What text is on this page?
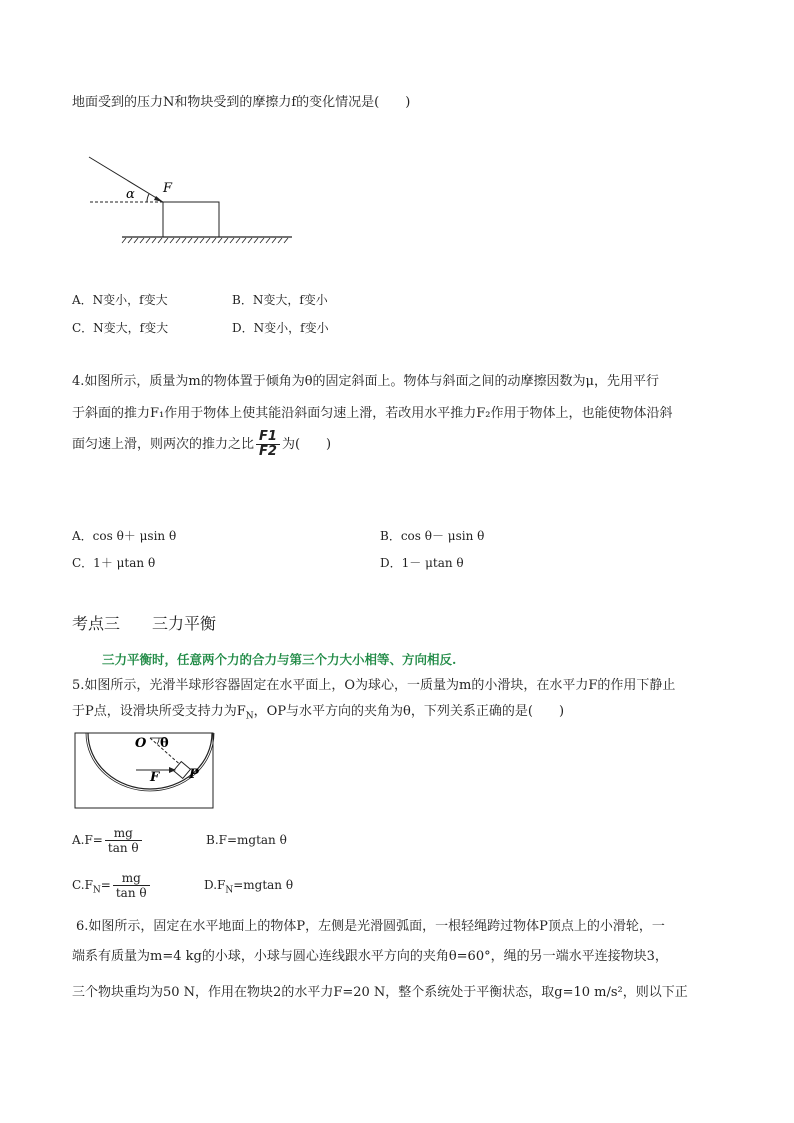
地面受到的压力N和物块受到的摩擦力f的变化情况是(　　)
α F
A．N变小，f变大	B．N变大，f变小
C．N变大，f变大	D．N变小，f变小
4.如图所示，质量为m的物体置于倾角为θ的固定斜面上。物体与斜面之间的动摩擦因数为μ，先用平行
于斜面的推力F₁作用于物体上使其能沿斜面匀速上滑，若改用水平推力F₂作用于物体上，也能使物体沿斜
面匀速上滑，则两次的推力之比 $\frac{F1}{F2}$ 为(　　)
A．cos θ＋ μsin θ	B．cos θ－ μsin θ
C．1＋ μtan θ	D．1－ μtan θ
考点三　　三力平衡
三力平衡时，任意两个力的合力与第三个力大小相等、方向相反.
5.如图所示，光滑半球形容器固定在水平面上，O为球心，一质量为m的小滑块，在水平力F的作用下静止
于P点，设滑块所受支持力为$F_N$，OP与水平方向的夹角为θ，下列关系正确的是(　　)
O θ
F P
$A.F= \frac{mg}{\text{tan θ}}$	B.F=mgtan θ
$C.F_N= \frac{mg}{\text{tan θ}}$	$D.F_N=mgtan$ θ
6.如图所示，固定在水平地面上的物体P，左侧是光滑圆弧面，一根轻绳跨过物体P顶点上的小滑轮，一
端系有质量为m=4 kg的小球，小球与圆心连线跟水平方向的夹角θ=60°，绳的另一端水平连接物块3，
三个物块重均为50 N，作用在物块2的水平力F=20 N，整个系统处于平衡状态，取g=10 m/s²，则以下正
